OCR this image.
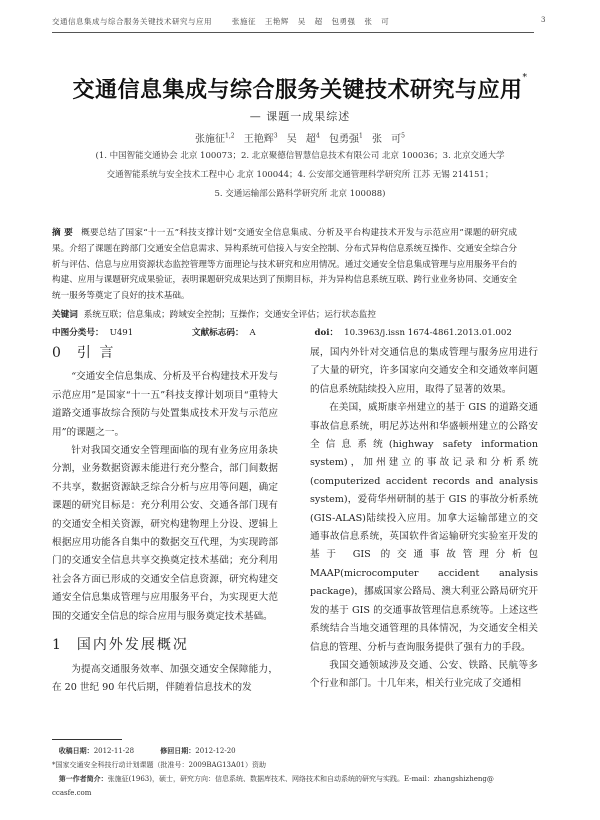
交通信息集成与综合服务关键技术研究与应用	张施征 王艳辉 吴 超 包勇强 张 可	3
交通信息集成与综合服务关键技术研究与应用*
— 课题一成果综述
张施征$^{1,2}$ 王艳辉$^3$ 吴 超$^4$ 包勇强$^1$ 张 可$^5$
(1. 中国智能交通协会 北京 100073；2. 北京聚德信智慧信息技术有限公司 北京 100036；3. 北京交通大学
交通智能系统与安全技术工程中心 北京 100044；4. 公安部交通管理科学研究所 江苏 无锡 214151；
5. 交通运输部公路科学研究所 北京 100088)
摘 要 概要总结了国家“十一五”科技支撑计划“交通安全信息集成、分析及平台构建技术开发与示范应用”课题的研究成果。介绍了课题在跨部门交通安全信息需求、异构系统可信接入与安全控制、分布式异构信息系统互操作、交通安全综合分析与评估、信息与应用资源状态监控管理等方面理论与技术研究和应用情况。通过交通安全信息集成管理与应用服务平台的构建、应用与课题研究成果验证，表明课题研究成果达到了预期目标，并为异构信息系统互联、跨行业业务协同、交通安全统一服务等奠定了良好的技术基础。
关键词 系统互联；信息集成；跨域安全控制；互操作；交通安全评估；运行状态监控
中图分类号： U491	文献标志码： A	doi： 10.3963/j.issn 1674-4861.2013.01.002
0 引 言

“交通安全信息集成、分析及平台构建技术开发与示范应用”是国家“十一五”科技支撑计划项目“重特大道路交通事故综合预防与处置集成技术开发与示范应用”的课题之一。

针对我国交通安全管理面临的现有业务应用条块分割，业务数据资源未能进行充分整合，部门间数据不共享，数据资源缺乏综合分析与应用等问题，确定课题的研究目标是：充分利用公安、交通各部门现有的交通安全相关资源，研究构建物理上分设、逻辑上根据应用功能各自集中的数据交互代理，为实现跨部门的交通安全信息共享交换奠定技术基础；充分利用社会各方面已形成的交通安全信息资源，研究构建交通安全信息集成管理与应用服务平台，为实现更大范围的交通安全信息的综合应用与服务奠定技术基础。

1 国内外发展概况

为提高交通服务效率、加强交通安全保障能力，在 20 世纪 90 年代后期，伴随着信息技术的发

展，国内外针对交通信息的集成管理与服务应用进行了大量的研究，许多国家向交通安全和交通效率问题的信息系统陆续投入应用，取得了显著的效果。

在美国，威斯康辛州建立的基于 GIS 的道路交通事故信息系统，明尼苏达州和华盛顿州建立的公路安全信息系统(highway safety information system)，加州建立的事故记录和分析系统(computerized accident records and analysis system)，爱荷华州研制的基于 GIS 的事故分析系统(GIS-ALAS)陆续投入应用。加拿大运输部建立的交通事故信息系统，英国软件省运输研究实验室开发的基于 GIS 的交通事故管理分析包 MAAP(microcomputer accident analysis package)，挪威国家公路局、澳大利亚公路局研究开发的基于 GIS 的交通事故管理信息系统等。上述这些系统结合当地交通管理的具体情况，为交通安全相关信息的管理、分析与查询服务提供了强有力的手段。

我国交通领域涉及交通、公安、铁路、民航等多个行业和部门。十几年来，相关行业完成了交通相

收稿日期：2012-11-28	修回日期：2012-12-20
*国家交通安全科技行动计划课题（批准号：2009BAG13A01）资助
第一作者简介：张施征(1963)，硕士，研究方向：信息系统、数据库技术、网络技术和自动系统的研究与实践。E-mail：zhangshizheng@
ccasfe.com
